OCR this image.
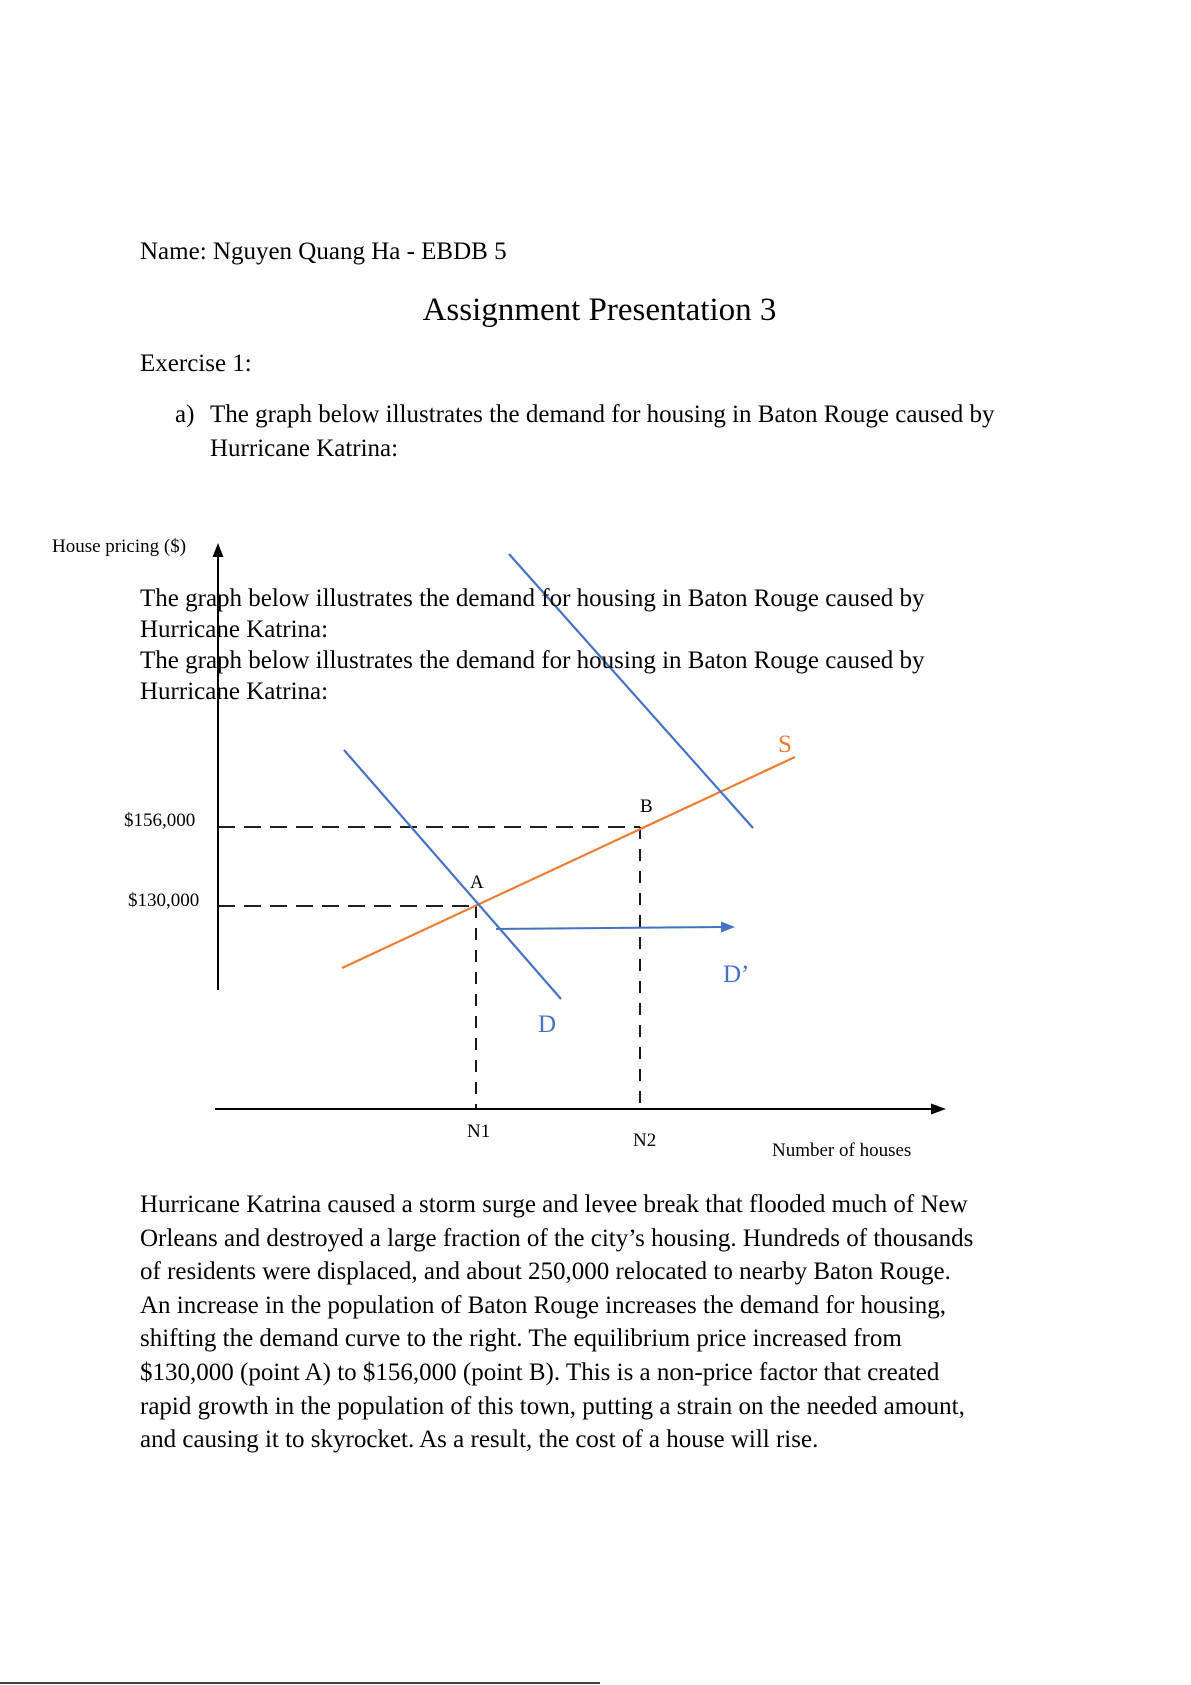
Name: Nguyen Quang Ha - EBDB 5
Assignment Presentation 3
Exercise 1:
a) The graph below illustrates the demand for housing in Baton Rouge caused by Hurricane Katrina:
House pricing ($)
Number of houses
$156,000
$130,000
N1	N2
S
D
D’
A
B
The graph below illustrates the demand for housing in Baton Rouge caused by
Hurricane Katrina:
The graph below illustrates the demand for housing in Baton Rouge caused by
Hurricane Katrina:
Hurricane Katrina caused a storm surge and levee break that flooded much of New
Orleans and destroyed a large fraction of the city’s housing. Hundreds of thousands
of residents were displaced, and about 250,000 relocated to nearby Baton Rouge.
An increase in the population of Baton Rouge increases the demand for housing,
shifting the demand curve to the right. The equilibrium price increased from
$130,000 (point A) to $156,000 (point B). This is a non-price factor that created
rapid growth in the population of this town, putting a strain on the needed amount,
and causing it to skyrocket. As a result, the cost of a house will rise.
